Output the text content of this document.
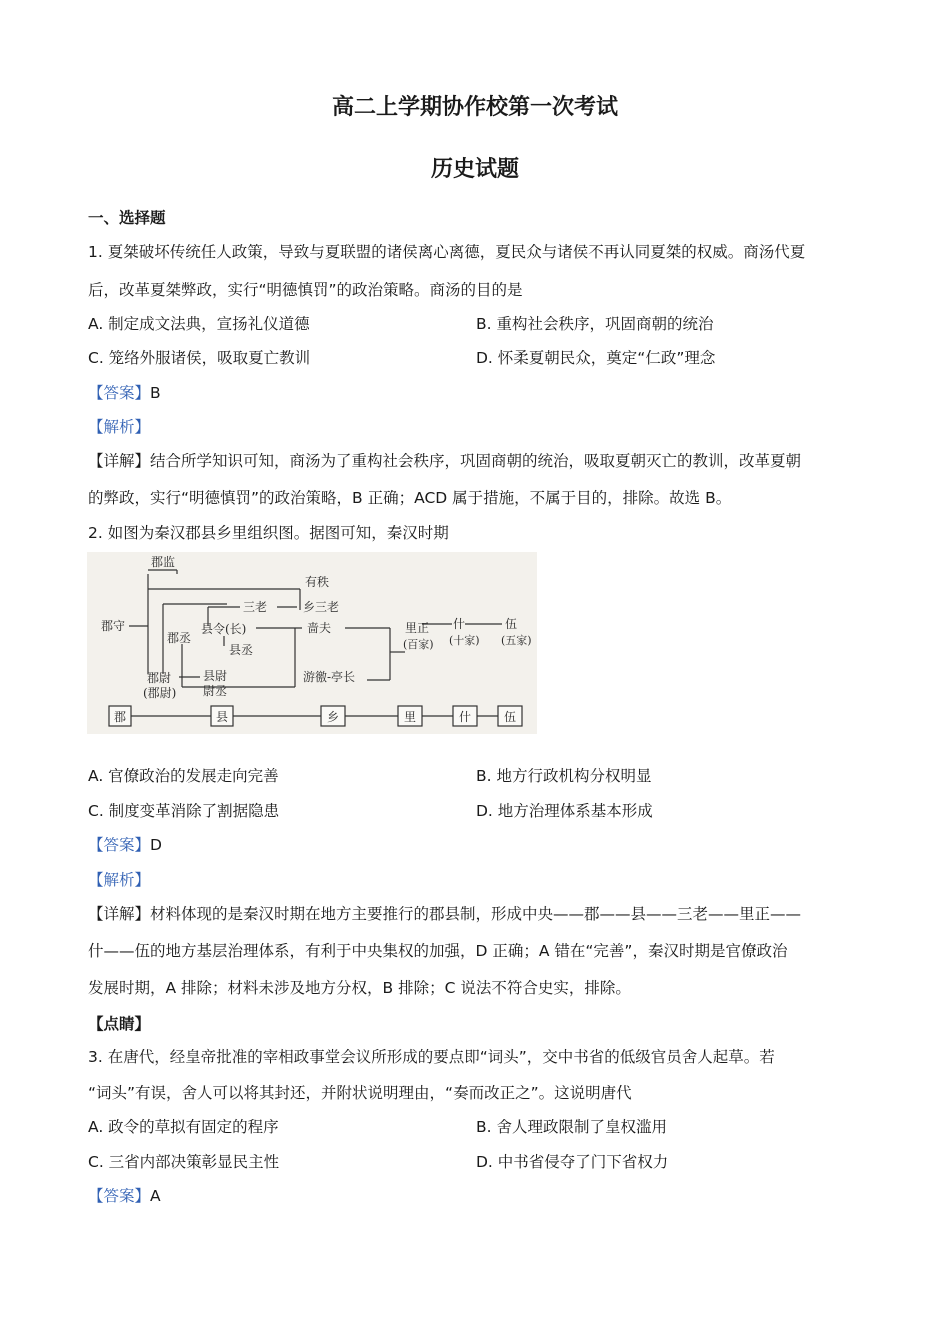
高二上学期协作校第一次考试
历史试题
一、选择题
1. 夏桀破坏传统任人政策，导致与夏联盟的诸侯离心离德，夏民众与诸侯不再认同夏桀的权威。商汤代夏
后，改革夏桀弊政，实行“明德慎罚”的政治策略。商汤的目的是
A. 制定成文法典，宣扬礼仪道德	B. 重构社会秩序，巩固商朝的统治
C. 笼络外服诸侯，吸取夏亡教训	D. 怀柔夏朝民众，奠定“仁政”理念
【答案】B
【解析】
【详解】结合所学知识可知，商汤为了重构社会秩序，巩固商朝的统治，吸取夏朝灭亡的教训，改革夏朝
的弊政，实行“明德慎罚”的政治策略，B 正确；ACD 属于措施，不属于目的，排除。故选 B。
2. 如图为秦汉郡县乡里组织图。据图可知，秦汉时期
郡监
郡守
郡丞
县令(长)
县丞
郡尉
(郡尉)
县尉
尉丞
三老
有秩
乡三老
啬夫
游徼-亭长
里正
(百家)
什
(十家)
伍
(五家)
郡	县	乡	里	什	伍
A. 官僚政治的发展走向完善	B. 地方行政机构分权明显
C. 制度变革消除了割据隐患	D. 地方治理体系基本形成
【答案】D
【解析】
【详解】材料体现的是秦汉时期在地方主要推行的郡县制，形成中央——郡——县——三老——里正——
什——伍的地方基层治理体系，有利于中央集权的加强，D 正确；A 错在“完善”，秦汉时期是官僚政治
发展时期，A 排除；材料未涉及地方分权，B 排除；C 说法不符合史实，排除。
【点睛】
3. 在唐代，经皇帝批准的宰相政事堂会议所形成的要点即“词头”，交中书省的低级官员舍人起草。若
“词头”有误，舍人可以将其封还，并附状说明理由，“奏而改正之”。这说明唐代
A. 政令的草拟有固定的程序	B. 舍人理政限制了皇权滥用
C. 三省内部决策彰显民主性	D. 中书省侵夺了门下省权力
【答案】A
